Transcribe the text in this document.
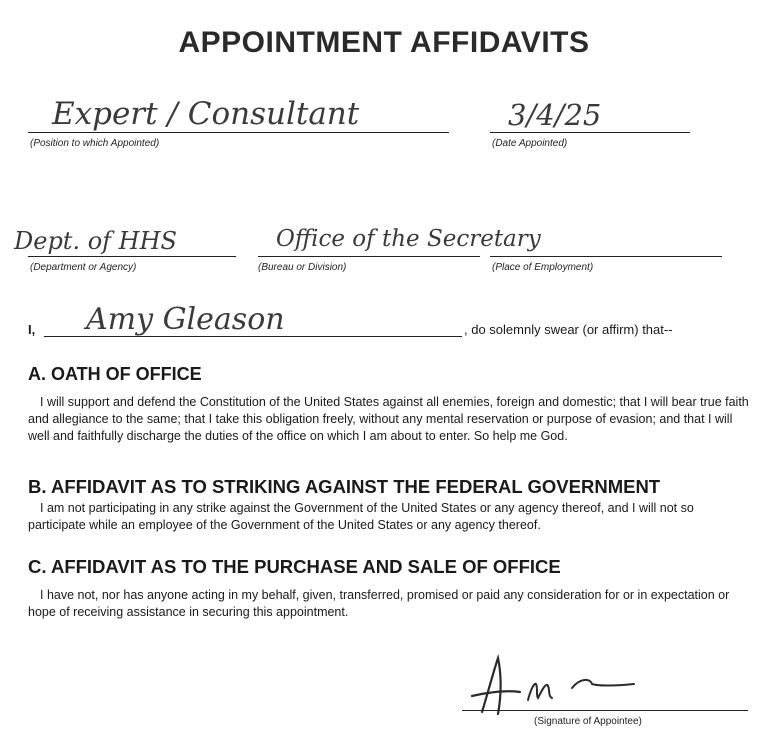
APPOINTMENT AFFIDAVITS
Expert / Consultant
(Position to which Appointed)
3/4/25
(Date Appointed)
Dept. of HHS
(Department or Agency)
Office of the Secretary
(Bureau or Division)	(Place of Employment)
I, Amy Gleason	, do solemnly swear (or affirm) that--
A. OATH OF OFFICE
I will support and defend the Constitution of the United States against all enemies, foreign and domestic; that I will bear true faith and allegiance to the same; that I take this obligation freely, without any mental reservation or purpose of evasion; and that I will well and faithfully discharge the duties of the office on which I am about to enter. So help me God.
B. AFFIDAVIT AS TO STRIKING AGAINST THE FEDERAL GOVERNMENT
I am not participating in any strike against the Government of the United States or any agency thereof, and I will not so participate while an employee of the Government of the United States or any agency thereof.
C. AFFIDAVIT AS TO THE PURCHASE AND SALE OF OFFICE
I have not, nor has anyone acting in my behalf, given, transferred, promised or paid any consideration for or in expectation or hope of receiving assistance in securing this appointment.
(Signature of Appointee)
